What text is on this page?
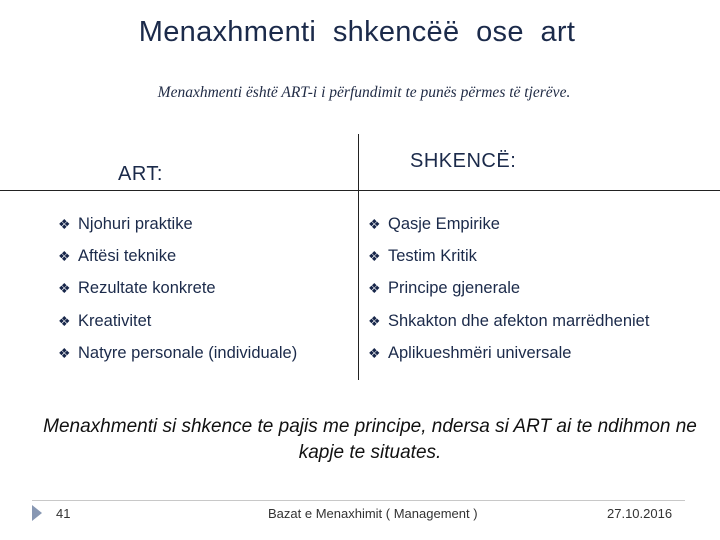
Menaxhmenti  shkencëë  ose  art
Menaxhmenti është ART-i i përfundimit te punës përmes të tjerëve.
ART:
SHKENCË:
❖ Njohuri praktike
❖ Aftësi teknike
❖ Rezultate konkrete
❖ Kreativitet
❖ Natyre personale (individuale)
❖ Qasje Empirike
❖ Testim Kritik
❖ Principe gjenerale
❖ Shkakton dhe afekton marrëdheniet
❖ Aplikueshmëri universale
Menaxhmenti si shkence te pajis me principe, ndersa si ART ai te ndihmon ne kapje te situates.
41	Bazat e Menaxhimit ( Management )	27.10.2016
